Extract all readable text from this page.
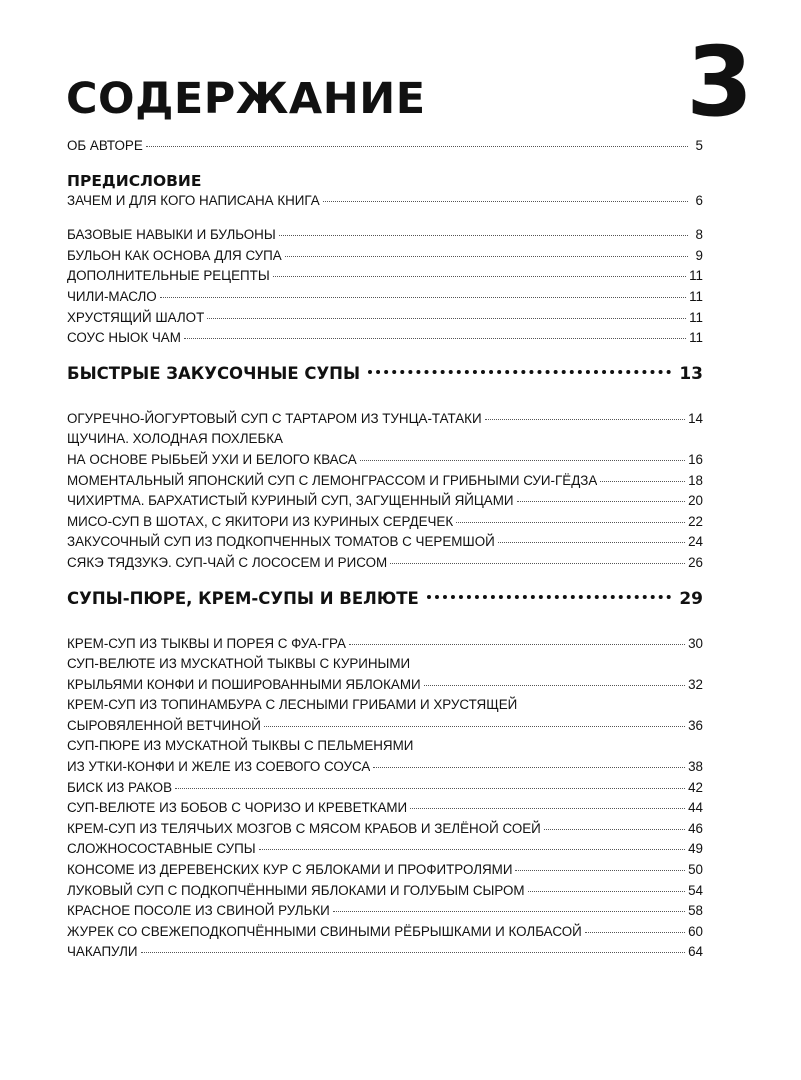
3
СОДЕРЖАНИЕ
ОБ АВТОРЕ	5
ПРЕДИСЛОВИЕ
ЗАЧЕМ И ДЛЯ КОГО НАПИСАНА КНИГА	6
БАЗОВЫЕ НАВЫКИ И БУЛЬОНЫ	8
БУЛЬОН КАК ОСНОВА ДЛЯ СУПА	9
ДОПОЛНИТЕЛЬНЫЕ РЕЦЕПТЫ	11
ЧИЛИ-МАСЛО	11
ХРУСТЯЩИЙ ШАЛОТ	11
СОУС НЫОК ЧАМ	11
БЫСТРЫЕ ЗАКУСОЧНЫЕ СУПЫ	13
ОГУРЕЧНО-ЙОГУРТОВЫЙ СУП С ТАРТАРОМ ИЗ ТУНЦА-ТАТАКИ	14
ЩУЧИНА. ХОЛОДНАЯ ПОХЛЕБКА
НА ОСНОВЕ РЫБЬЕЙ УХИ И БЕЛОГО КВАСА	16
МОМЕНТАЛЬНЫЙ ЯПОНСКИЙ СУП С ЛЕМОНГРАССОМ И ГРИБНЫМИ СУИ-ГЁДЗА	18
ЧИХИРТМА. БАРХАТИСТЫЙ КУРИНЫЙ СУП, ЗАГУЩЕННЫЙ ЯЙЦАМИ	20
МИСО-СУП В ШОТАХ, С ЯКИТОРИ ИЗ КУРИНЫХ СЕРДЕЧЕК	22
ЗАКУСОЧНЫЙ СУП ИЗ ПОДКОПЧЕННЫХ ТОМАТОВ С ЧЕРЕМШОЙ	24
СЯКЭ ТЯДЗУКЭ. СУП-ЧАЙ С ЛОСОСЕМ И РИСОМ	26
СУПЫ-ПЮРЕ, КРЕМ-СУПЫ И ВЕЛЮТЕ	29
КРЕМ-СУП ИЗ ТЫКВЫ И ПОРЕЯ С ФУА-ГРА	30
СУП-ВЕЛЮТЕ ИЗ МУСКАТНОЙ ТЫКВЫ С КУРИНЫМИ
КРЫЛЬЯМИ КОНФИ И ПОШИРОВАННЫМИ ЯБЛОКАМИ	32
КРЕМ-СУП ИЗ ТОПИНАМБУРА С ЛЕСНЫМИ ГРИБАМИ И ХРУСТЯЩЕЙ
СЫРОВЯЛЕННОЙ ВЕТЧИНОЙ	36
СУП-ПЮРЕ ИЗ МУСКАТНОЙ ТЫКВЫ С ПЕЛЬМЕНЯМИ
ИЗ УТКИ-КОНФИ И ЖЕЛЕ ИЗ СОЕВОГО СОУСА	38
БИСК ИЗ РАКОВ	42
СУП-ВЕЛЮТЕ ИЗ БОБОВ С ЧОРИЗО И КРЕВЕТКАМИ	44
КРЕМ-СУП ИЗ ТЕЛЯЧЬИХ МОЗГОВ С МЯСОМ КРАБОВ И ЗЕЛЁНОЙ СОЕЙ	46
СЛОЖНОСОСТАВНЫЕ СУПЫ	49
КОНСОМЕ ИЗ ДЕРЕВЕНСКИХ КУР С ЯБЛОКАМИ И ПРОФИТРОЛЯМИ	50
ЛУКОВЫЙ СУП С ПОДКОПЧЁННЫМИ ЯБЛОКАМИ И ГОЛУБЫМ СЫРОМ	54
КРАСНОЕ ПОСОЛЕ ИЗ СВИНОЙ РУЛЬКИ	58
ЖУРЕК СО СВЕЖЕПОДКОПЧЁННЫМИ СВИНЫМИ РЁБРЫШКАМИ И КОЛБАСОЙ	60
ЧАКАПУЛИ	64
